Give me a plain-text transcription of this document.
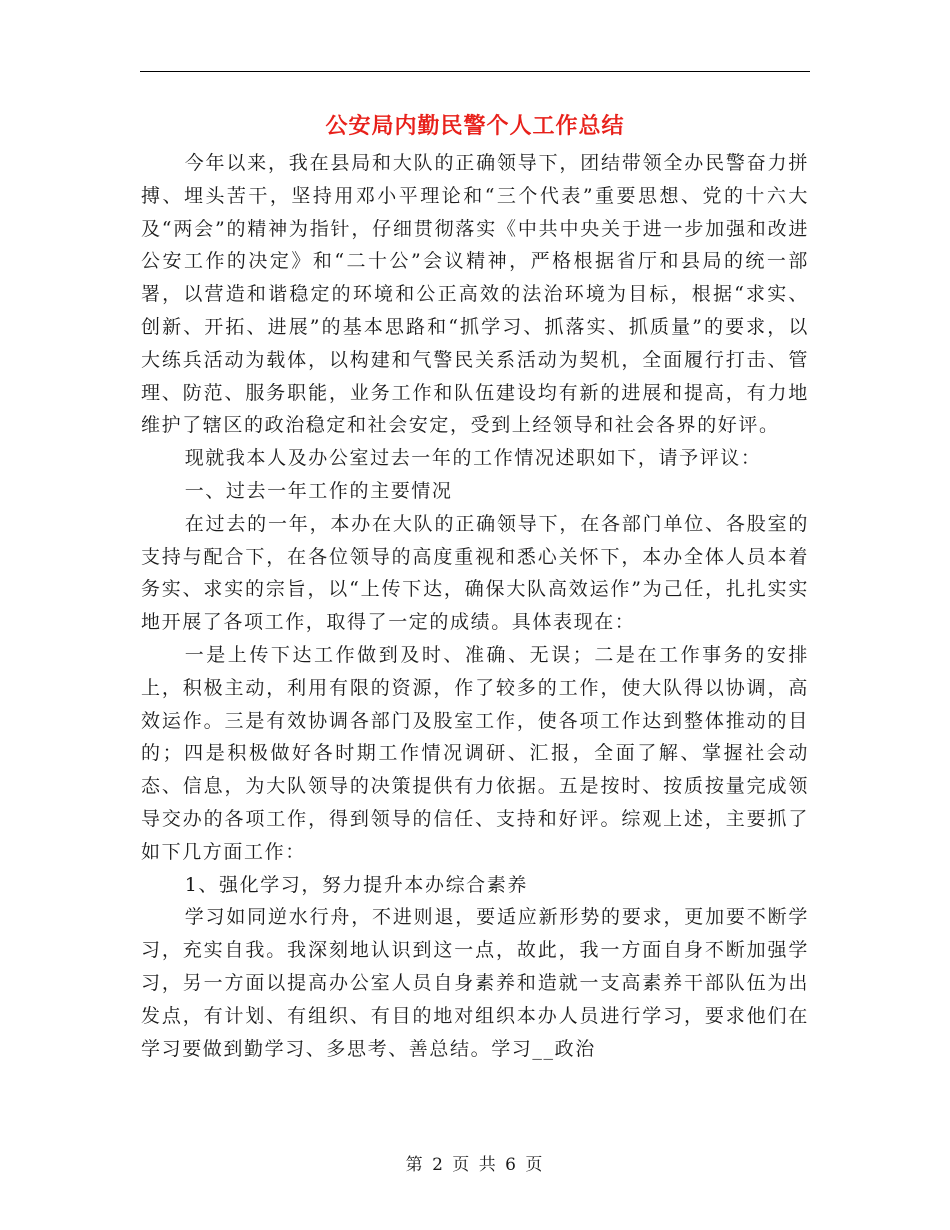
公安局内勤民警个人工作总结

今年以来，我在县局和大队的正确领导下，团结带领全办民警奋力拼搏、埋头苦干，坚持用邓小平理论和“三个代表”重要思想、党的十六大及“两会”的精神为指针，仔细贯彻落实《中共中央关于进一步加强和改进公安工作的决定》和“二十公”会议精神，严格根据省厅和县局的统一部署，以营造和谐稳定的环境和公正高效的法治环境为目标，根据“求实、创新、开拓、进展”的基本思路和“抓学习、抓落实、抓质量”的要求，以大练兵活动为载体，以构建和气警民关系活动为契机，全面履行打击、管理、防范、服务职能，业务工作和队伍建设均有新的进展和提高，有力地维护了辖区的政治稳定和社会安定，受到上经领导和社会各界的好评。

现就我本人及办公室过去一年的工作情况述职如下，请予评议：

一、过去一年工作的主要情况

在过去的一年，本办在大队的正确领导下，在各部门单位、各股室的支持与配合下，在各位领导的高度重视和悉心关怀下，本办全体人员本着务实、求实的宗旨，以“上传下达，确保大队高效运作”为己任，扎扎实实地开展了各项工作，取得了一定的成绩。具体表现在：

一是上传下达工作做到及时、准确、无误；二是在工作事务的安排上，积极主动，利用有限的资源，作了较多的工作，使大队得以协调，高效运作。三是有效协调各部门及股室工作，使各项工作达到整体推动的目的；四是积极做好各时期工作情况调研、汇报，全面了解、掌握社会动态、信息，为大队领导的决策提供有力依据。五是按时、按质按量完成领导交办的各项工作，得到领导的信任、支持和好评。综观上述，主要抓了如下几方面工作：

1、强化学习，努力提升本办综合素养

学习如同逆水行舟，不进则退，要适应新形势的要求，更加要不断学习，充实自我。我深刻地认识到这一点，故此，我一方面自身不断加强学习，另一方面以提高办公室人员自身素养和造就一支高素养干部队伍为出发点，有计划、有组织、有目的地对组织本办人员进行学习，要求他们在学习要做到勤学习、多思考、善总结。学习__政治

第 2 页 共 6 页
